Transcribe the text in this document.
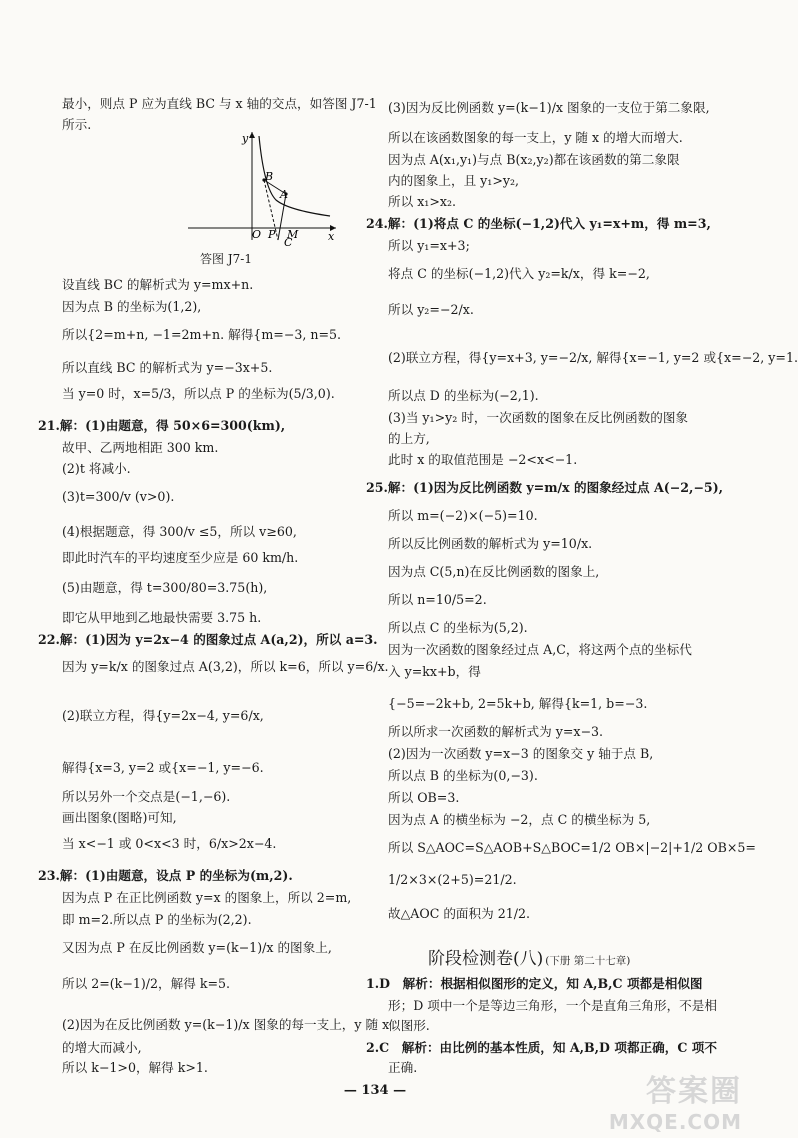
最小，则点 P 应为直线 BC 与 x 轴的交点，如答图 J7-1
所示.
y
x
O P M
C
A
B
答图 J7-1
设直线 BC 的解析式为 y=mx+n.
因为点 B 的坐标为(1,2),
所以{2=m+n, −1=2m+n. 解得{m=−3, n=5.
所以直线 BC 的解析式为 y=−3x+5.
当 y=0 时，x=5/3，所以点 P 的坐标为(5/3,0).
21.解：(1)由题意，得 50×6=300(km),
故甲、乙两地相距 300 km.
(2)t 将减小.
(3)t=300/v (v>0).
(4)根据题意，得 300/v ≤5，所以 v≥60,
即此时汽车的平均速度至少应是 60 km/h.
(5)由题意，得 t=300/80=3.75(h),
即它从甲地到乙地最快需要 3.75 h.
22.解：(1)因为 y=2x−4 的图象过点 A(a,2)，所以 a=3.
因为 y=k/x 的图象过点 A(3,2)，所以 k=6，所以 y=6/x.
(2)联立方程，得{y=2x−4, y=6/x,
解得{x=3, y=2 或{x=−1, y=−6.
所以另外一个交点是(−1,−6).
画出图象(图略)可知,
当 x<−1 或 0<x<3 时，6/x>2x−4.
23.解：(1)由题意，设点 P 的坐标为(m,2).
因为点 P 在正比例函数 y=x 的图象上，所以 2=m,
即 m=2.所以点 P 的坐标为(2,2).
又因为点 P 在反比例函数 y=(k−1)/x 的图象上,
所以 2=(k−1)/2，解得 k=5.
(2)因为在反比例函数 y=(k−1)/x 图象的每一支上，y 随 x
的增大而减小,
所以 k−1>0，解得 k>1.
(3)因为反比例函数 y=(k−1)/x 图象的一支位于第二象限,
所以在该函数图象的每一支上，y 随 x 的增大而增大.
因为点 A(x₁,y₁)与点 B(x₂,y₂)都在该函数的第二象限
内的图象上，且 y₁>y₂,
所以 x₁>x₂.
24.解：(1)将点 C 的坐标(−1,2)代入 y₁=x+m，得 m=3,
所以 y₁=x+3;
将点 C 的坐标(−1,2)代入 y₂=k/x，得 k=−2,
所以 y₂=−2/x.
(2)联立方程，得{y=x+3, y=−2/x, 解得{x=−1, y=2 或{x=−2, y=1.
所以点 D 的坐标为(−2,1).
(3)当 y₁>y₂ 时，一次函数的图象在反比例函数的图象
的上方,
此时 x 的取值范围是 −2<x<−1.
25.解：(1)因为反比例函数 y=m/x 的图象经过点 A(−2,−5),
所以 m=(−2)×(−5)=10.
所以反比例函数的解析式为 y=10/x.
因为点 C(5,n)在反比例函数的图象上,
所以 n=10/5=2.
所以点 C 的坐标为(5,2).
因为一次函数的图象经过点 A,C，将这两个点的坐标代
入 y=kx+b，得
{−5=−2k+b, 2=5k+b, 解得{k=1, b=−3.
所以所求一次函数的解析式为 y=x−3.
(2)因为一次函数 y=x−3 的图象交 y 轴于点 B,
所以点 B 的坐标为(0,−3).
所以 OB=3.
因为点 A 的横坐标为 −2，点 C 的横坐标为 5,
所以 S△AOC=S△AOB+S△BOC=1/2 OB×|−2|+1/2 OB×5=
1/2×3×(2+5)=21/2.
故△AOC 的面积为 21/2.
阶段检测卷(八) (下册 第二十七章)
1.D　解析：根据相似图形的定义，知 A,B,C 项都是相似图
形；D 项中一个是等边三角形，一个是直角三角形，不是相
似图形.
2.C　解析：由比例的基本性质，知 A,B,D 项都正确，C 项不
正确.
— 134 —	答案圈
MXQE.COM
